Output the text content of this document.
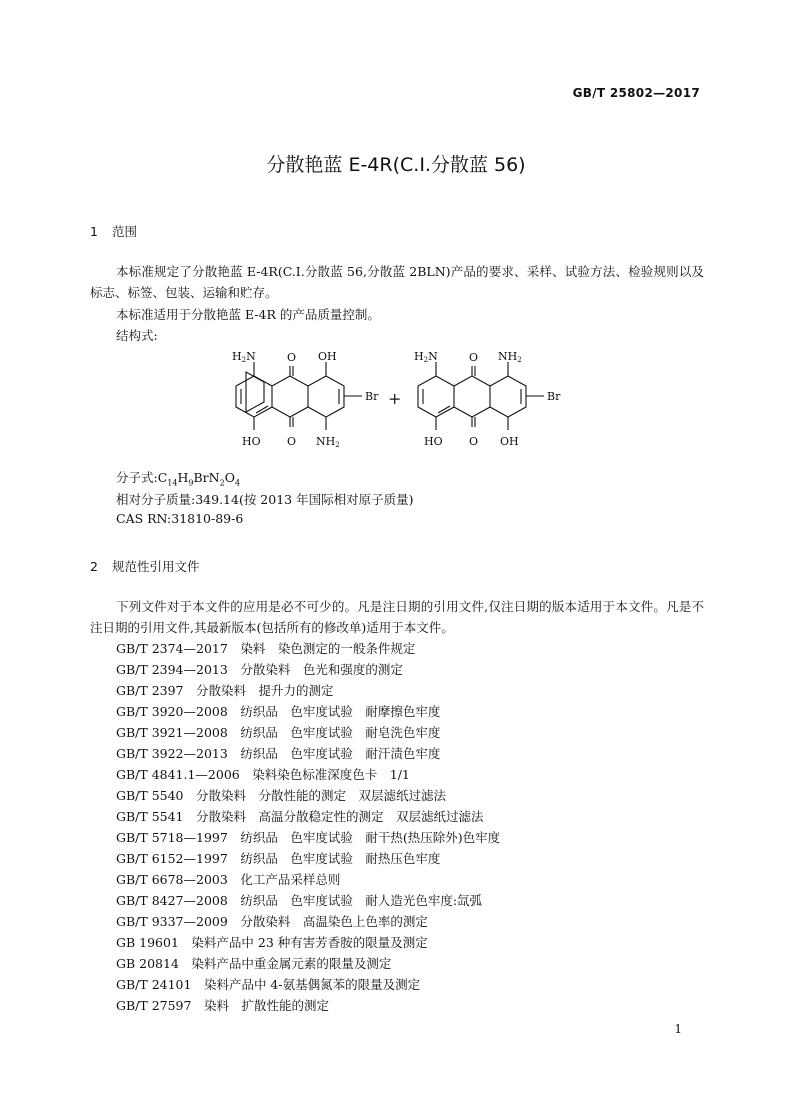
GB/T 25802—2017
分散艳蓝 E-4R(C.I.分散蓝 56)
1 范围
本标准规定了分散艳蓝 E-4R(C.I.分散蓝 56,分散蓝 2BLN)产品的要求、采样、试验方法、检验规则以及标志、标签、包装、运输和贮存。
本标准适用于分散艳蓝 E-4R 的产品质量控制。
结构式:
H2N	O OH
Br
HO O NH2
+
H2N	O NH2
Br
HO O OH
分子式$:C_{14}H_9BrN_2O_4$
相对分子质量:349.14(按 2013 年国际相对原子质量)
CAS RN:31810-89-6
2 规范性引用文件
下列文件对于本文件的应用是必不可少的。凡是注日期的引用文件,仅注日期的版本适用于本文件。凡是不注日期的引用文件,其最新版本(包括所有的修改单)适用于本文件。
GB/T 2374—2017　染料　染色测定的一般条件规定
GB/T 2394—2013　分散染料　色光和强度的测定
GB/T 2397　分散染料　提升力的测定
GB/T 3920—2008　纺织品　色牢度试验　耐摩擦色牢度
GB/T 3921—2008　纺织品　色牢度试验　耐皂洗色牢度
GB/T 3922—2013　纺织品　色牢度试验　耐汗渍色牢度
GB/T 4841.1—2006　染料染色标准深度色卡　1/1
GB/T 5540　分散染料　分散性能的测定　双层滤纸过滤法
GB/T 5541　分散染料　高温分散稳定性的测定　双层滤纸过滤法
GB/T 5718—1997　纺织品　色牢度试验　耐干热(热压除外)色牢度
GB/T 6152—1997　纺织品　色牢度试验　耐热压色牢度
GB/T 6678—2003　化工产品采样总则
GB/T 8427—2008　纺织品　色牢度试验　耐人造光色牢度:氙弧
GB/T 9337—2009　分散染料　高温染色上色率的测定
GB 19601　染料产品中 23 种有害芳香胺的限量及测定
GB 20814　染料产品中重金属元素的限量及测定
GB/T 24101　染料产品中 4-氨基偶氮苯的限量及测定
GB/T 27597　染料　扩散性能的测定
1
